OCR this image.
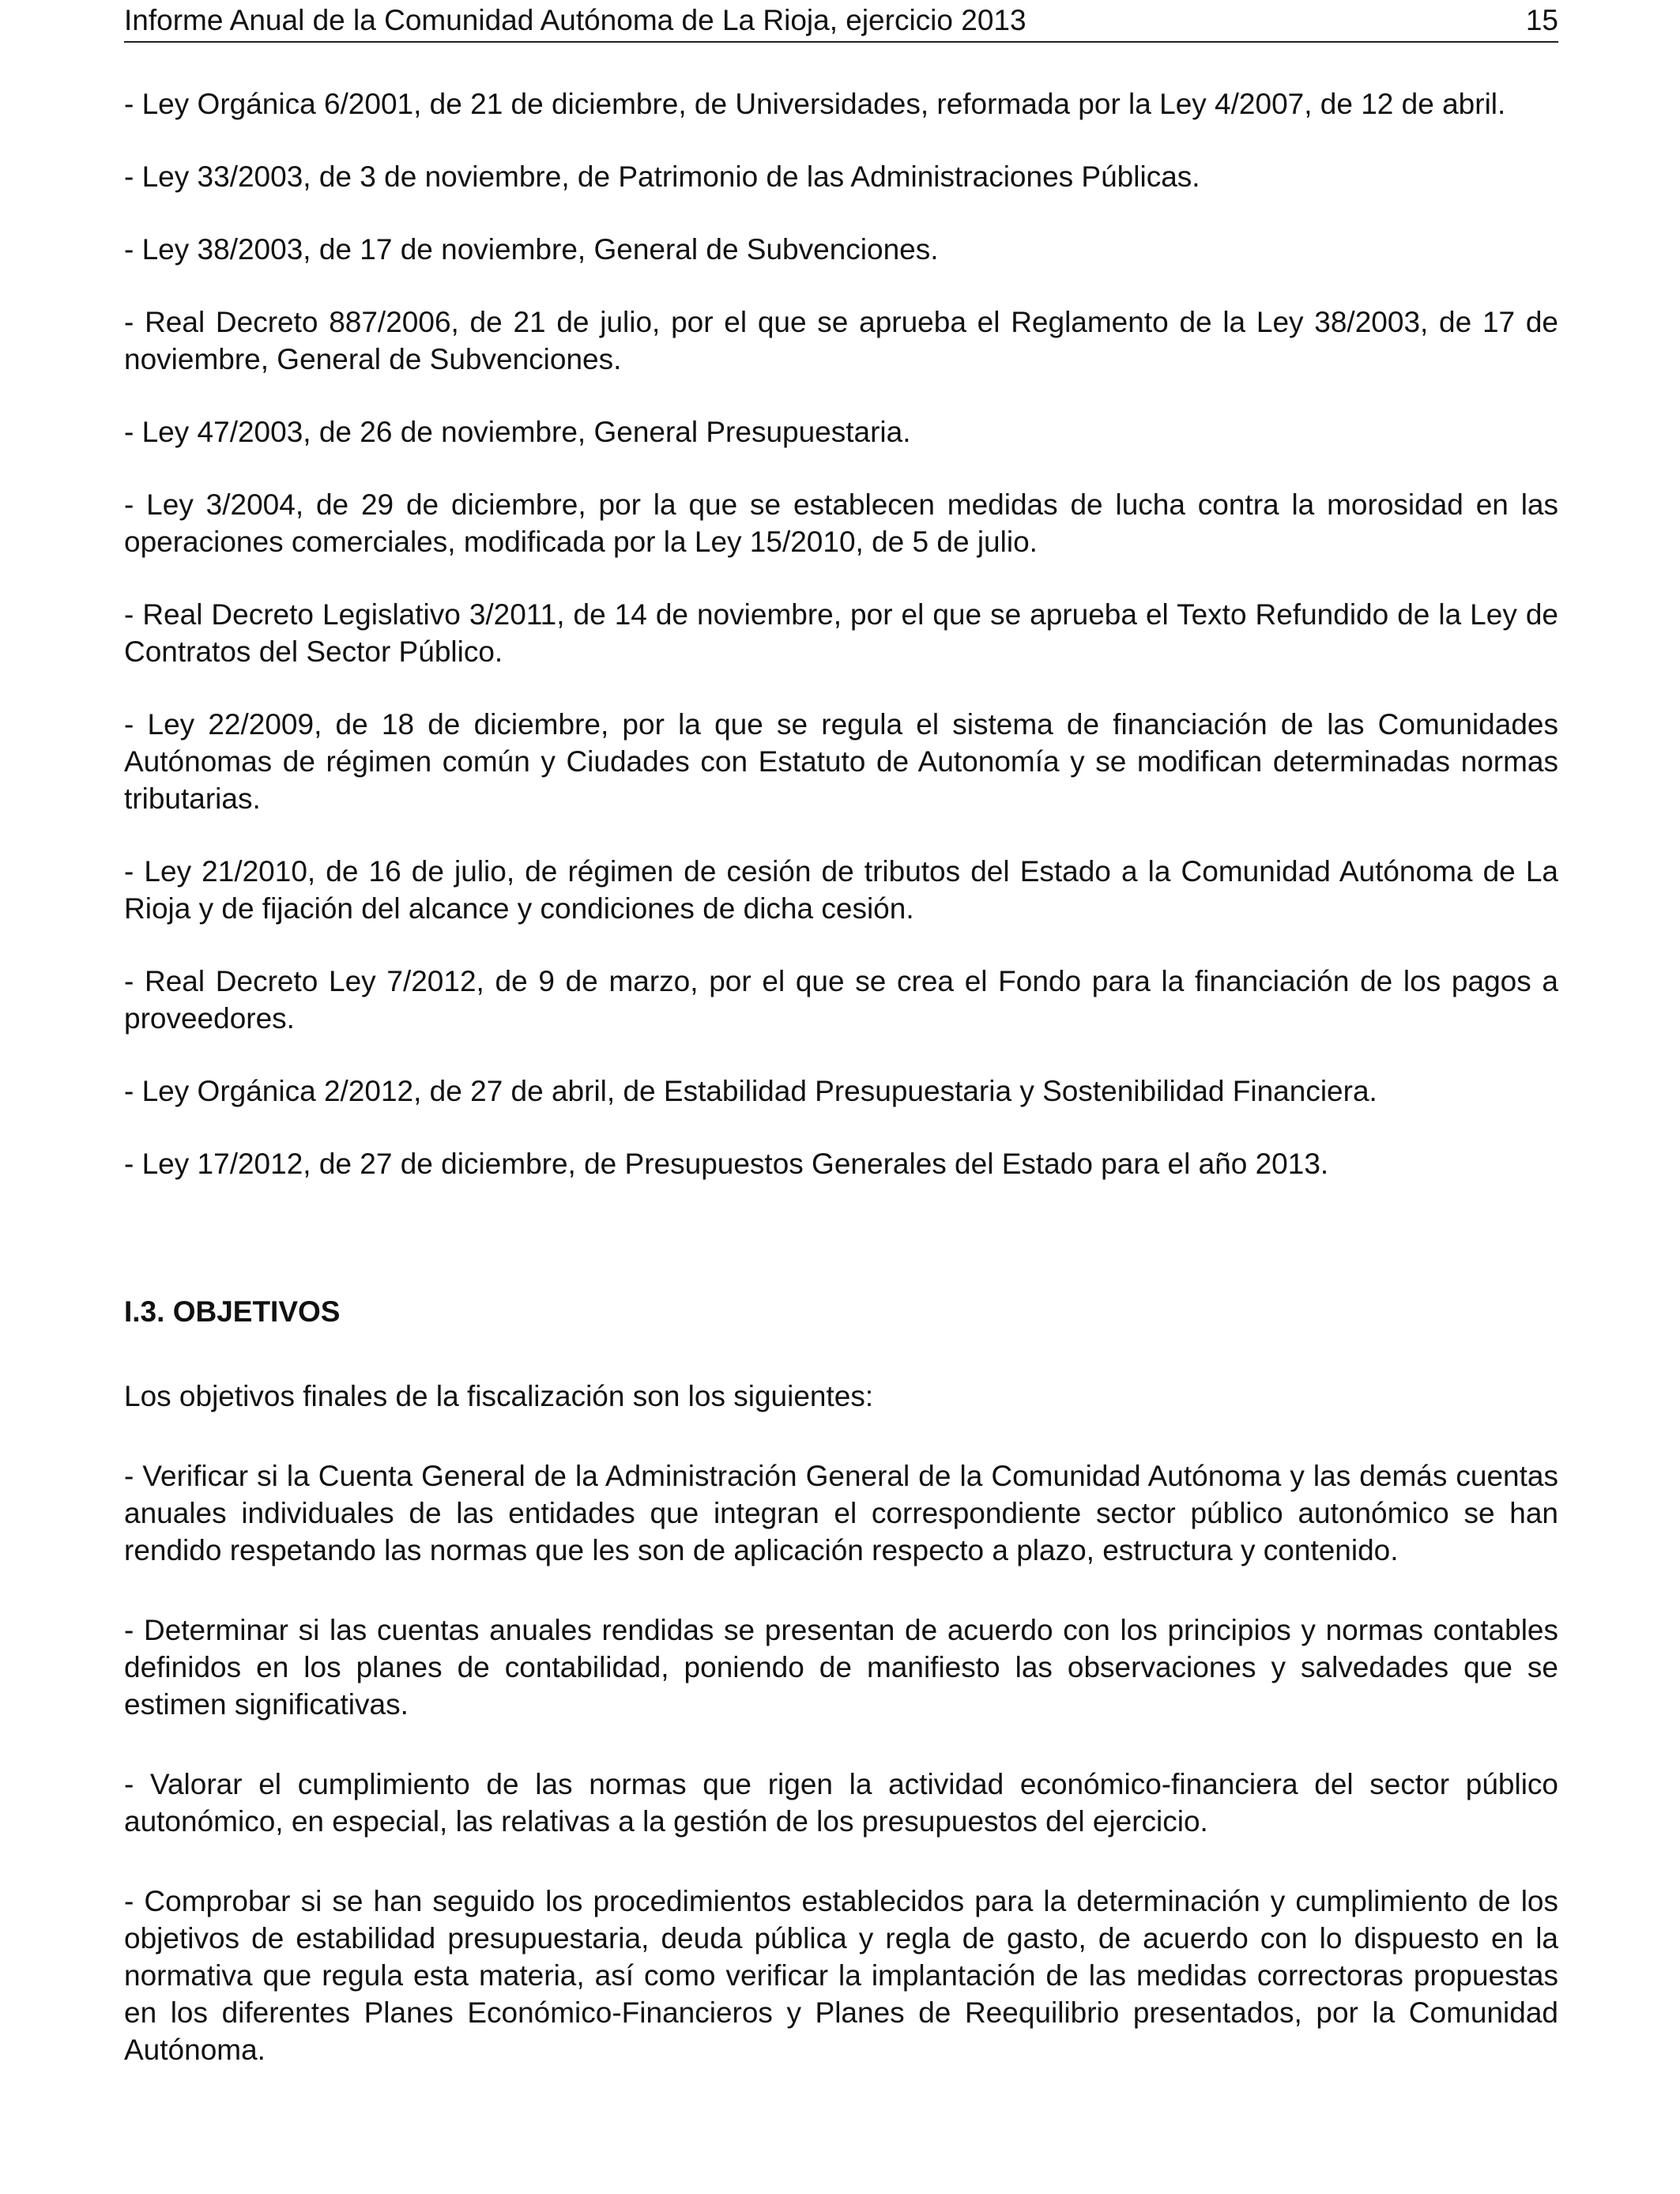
Informe Anual de la Comunidad Autónoma de La Rioja, ejercicio 2013	15

- Ley Orgánica 6/2001, de 21 de diciembre, de Universidades, reformada por la Ley 4/2007, de 12 de abril.

- Ley 33/2003, de 3 de noviembre, de Patrimonio de las Administraciones Públicas.

- Ley 38/2003, de 17 de noviembre, General de Subvenciones.

- Real Decreto 887/2006, de 21 de julio, por el que se aprueba el Reglamento de la Ley 38/2003, de 17 de noviembre, General de Subvenciones.

- Ley 47/2003, de 26 de noviembre, General Presupuestaria.

- Ley 3/2004, de 29 de diciembre, por la que se establecen medidas de lucha contra la morosidad en las operaciones comerciales, modificada por la Ley 15/2010, de 5 de julio.

- Real Decreto Legislativo 3/2011, de 14 de noviembre, por el que se aprueba el Texto Refundido de la Ley de Contratos del Sector Público.

- Ley 22/2009, de 18 de diciembre, por la que se regula el sistema de financiación de las Comunidades Autónomas de régimen común y Ciudades con Estatuto de Autonomía y se modifican determinadas normas tributarias.

- Ley 21/2010, de 16 de julio, de régimen de cesión de tributos del Estado a la Comunidad Autónoma de La Rioja y de fijación del alcance y condiciones de dicha cesión.

- Real Decreto Ley 7/2012, de 9 de marzo, por el que se crea el Fondo para la financiación de los pagos a proveedores.

- Ley Orgánica 2/2012, de 27 de abril, de Estabilidad Presupuestaria y Sostenibilidad Financiera.

- Ley 17/2012, de 27 de diciembre, de Presupuestos Generales del Estado para el año 2013.

I.3. OBJETIVOS

Los objetivos finales de la fiscalización son los siguientes:

- Verificar si la Cuenta General de la Administración General de la Comunidad Autónoma y las demás cuentas anuales individuales de las entidades que integran el correspondiente sector público autonómico se han rendido respetando las normas que les son de aplicación respecto a plazo, estructura y contenido.

- Determinar si las cuentas anuales rendidas se presentan de acuerdo con los principios y normas contables definidos en los planes de contabilidad, poniendo de manifiesto las observaciones y salvedades que se estimen significativas.

- Valorar el cumplimiento de las normas que rigen la actividad económico-financiera del sector público autonómico, en especial, las relativas a la gestión de los presupuestos del ejercicio.

- Comprobar si se han seguido los procedimientos establecidos para la determinación y cumplimiento de los objetivos de estabilidad presupuestaria, deuda pública y regla de gasto, de acuerdo con lo dispuesto en la normativa que regula esta materia, así como verificar la implantación de las medidas correctoras propuestas en los diferentes Planes Económico-Financieros y Planes de Reequilibrio presentados, por la Comunidad Autónoma.
